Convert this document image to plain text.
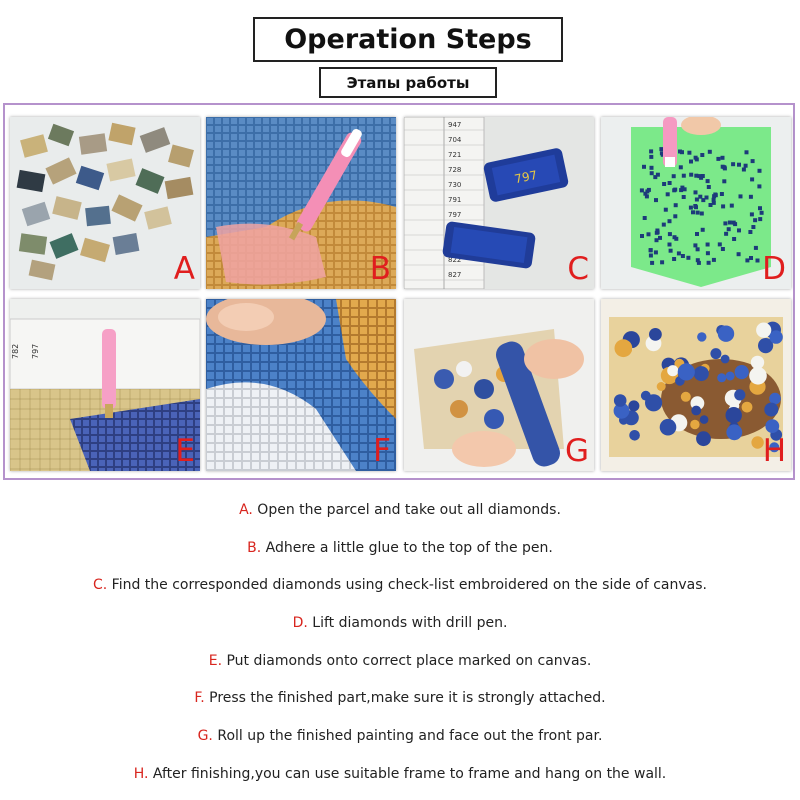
Operation Steps
Этапы работы
A	B
947
704
721
728
730
791
797
822
827
797
C	D
782 797
E	F	G	H
A. Open the parcel and take out all diamonds.
B. Adhere a little glue to the top of the pen.
C. Find the corresponded diamonds using check-list embroidered on the side of canvas.
D. Lift diamonds with drill pen.
E. Put diamonds onto correct place marked on canvas.
F. Press the finished part,make sure it is strongly attached.
G. Roll up the finished painting and face out the front par.
H. After finishing,you can use suitable frame to frame and hang on the wall.
